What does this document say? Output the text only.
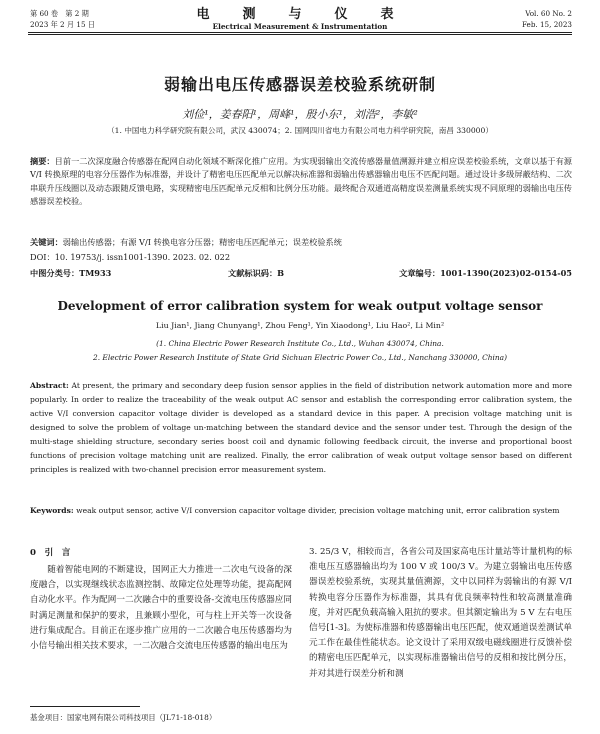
第 60 卷　第 2 期
2023 年 2 月 15 日
电　测　与　仪　表
Electrical Measurement & Instrumentation
Vol. 60 No. 2
Feb. 15, 2023
弱输出电压传感器误差校验系统研制
刘俭¹，姜春阳¹，周峰¹，殷小东¹，刘浩²，李敏²
（1. 中国电力科学研究院有限公司，武汉 430074；2. 国网四川省电力有限公司电力科学研究院，南昌 330000）
摘要：目前一二次深度融合传感器在配网自动化领域不断深化推广应用。为实现弱输出交流传感器量值溯源并建立相应误差校验系统，文章以基于有源 V/I 转换原理的电容分压器作为标准器，并设计了精密电压匹配单元以解决标准器和弱输出传感器输出电压不匹配问题。通过设计多级屏蔽结构、二次串联升压线圈以及动态跟随反馈电路，实现精密电压匹配单元反相和比例分压功能。最终配合双通道高精度误差测量系统实现不同原理的弱输出电压传感器误差校验。
关键词：弱输出传感器；有源 V/I 转换电容分压器；精密电压匹配单元；误差校验系统
DOI：10. 19753/j. issn1001-1390. 2023. 02. 022
中图分类号：TM933	文献标识码：B	文章编号：1001-1390(2023)02-0154-05
Development of error calibration system for weak output voltage sensor
Liu Jian¹, Jiang Chunyang¹, Zhou Feng¹, Yin Xiaodong¹, Liu Hao², Li Min²
(1. China Electric Power Research Institute Co., Ltd., Wuhan 430074, China.
2. Electric Power Research Institute of State Grid Sichuan Electric Power Co., Ltd., Nanchang 330000, China)
Abstract: At present, the primary and secondary deep fusion sensor applies in the field of distribution network automation more and more popularly. In order to realize the traceability of the weak output AC sensor and establish the corresponding error calibration system, the active V/I conversion capacitor voltage divider is developed as a standard device in this paper. A precision voltage matching unit is designed to solve the problem of voltage un-matching between the standard device and the sensor under test. Through the design of the multi-stage shielding structure, secondary series boost coil and dynamic following feedback circuit, the inverse and proportional boost functions of precision voltage matching unit are realized. Finally, the error calibration of weak output voltage sensor based on different principles is realized with two-channel precision error measurement system.
Keywords: weak output sensor, active V/I conversion capacitor voltage divider, precision voltage matching unit, error calibration system
0　引　言
随着智能电网的不断建设，国网正大力推进一二次电气设备的深度融合，以实现继线状态监测控制、故障定位处理等功能，提高配网自动化水平。作为配网一二次融合中的重要设备-交流电压传感器应同时满足测量和保护的要求，且兼顾小型化，可与柱上开关等一次设备进行集成配合。目前正在逐步推广应用的一二次融合电压传感器均为小信号输出相关技术要求，一二次融合交流电压传感器的输出电压为
3. 25/3 V，相较而言，各省公司及国家高电压计量站等计量机构的标准电压互感器输出均为 100 V 或 100/3 V。为建立弱输出电压传感器误差校验系统，实现其量值溯源，文中以同样为弱输出的有源 V/I 转换电容分压器作为标准器，其具有优良频率特性和较高测量准确度，并对匹配负载高输入阻抗的要求。但其额定输出为 5 V 左右电压信号[1-3]。为使标准器和传感器输出电压匹配，使双通道误差测试单元工作在最佳性能状态。论文设计了采用双级电磁线圈进行反馈补偿的精密电压匹配单元，以实现标准器输出信号的反相和按比例分压，并对其进行误差分析和测
基金项目：国家电网有限公司科技项目（JL71-18-018）
